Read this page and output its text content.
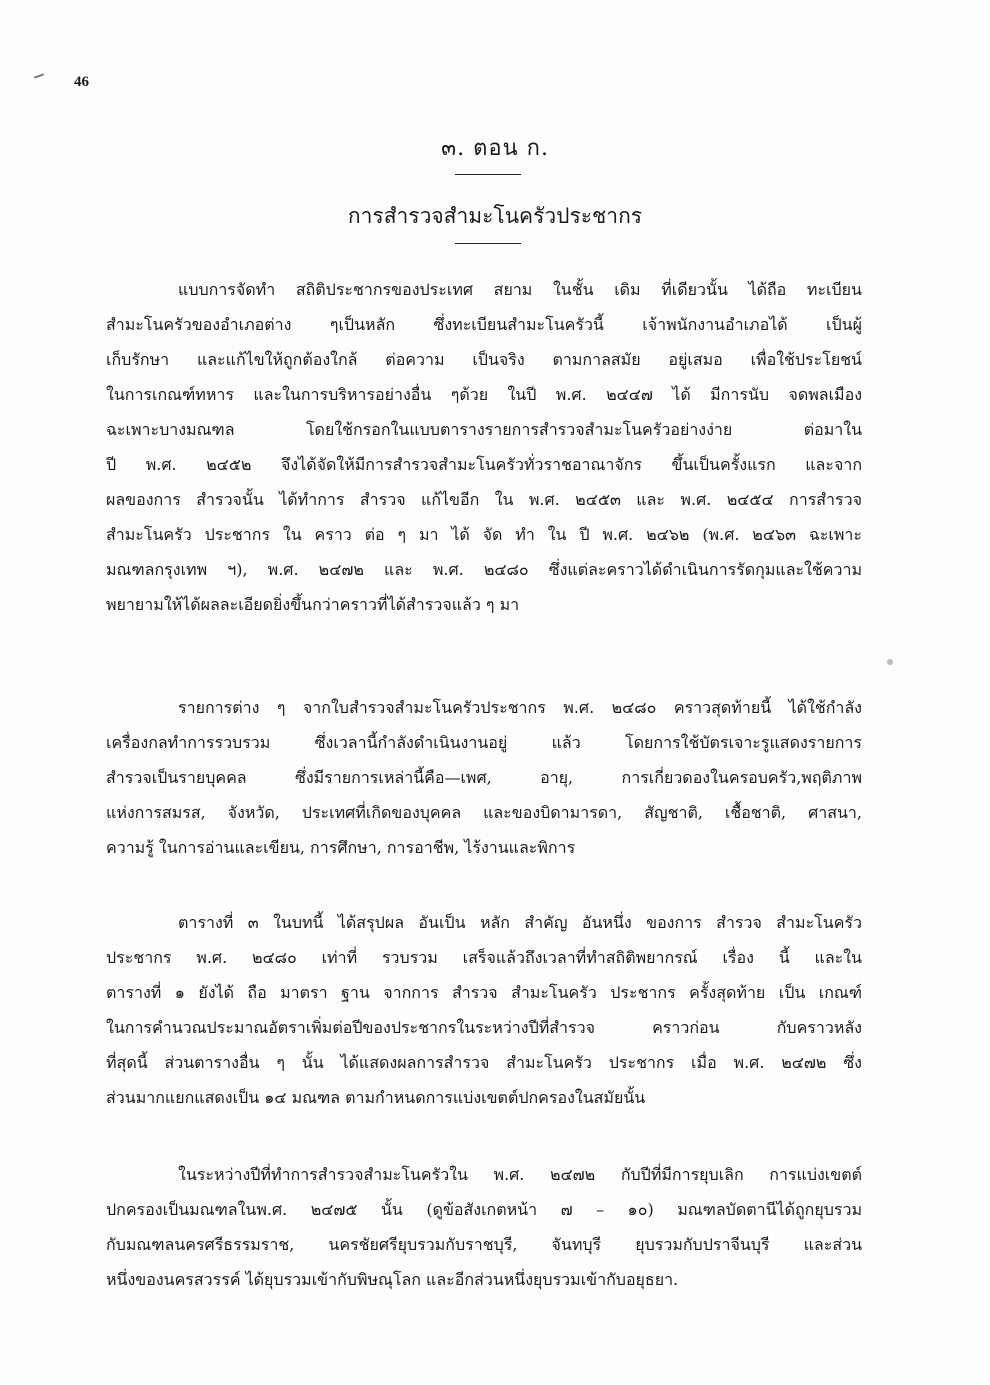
46
๓. ตอน ก.
การสำรวจสำมะโนครัวประชากร
แบบการจัดทำ สถิติประชากรของประเทศ สยาม ในชั้น เดิม ที่เดียวนั้น ได้ถือ ทะเบียน
สำมะโนครัวของอำเภอต่าง ๆเป็นหลัก ซึ่งทะเบียนสำมะโนครัวนี้ เจ้าพนักงานอำเภอได้ เป็นผู้
เก็บรักษา และแก้ไขให้ถูกต้องใกล้ ต่อความ เป็นจริง ตามกาลสมัย อยู่เสมอ เพื่อใช้ประโยชน์
ในการเกณฑ์ทหาร และในการบริหารอย่างอื่น ๆด้วย ในปี พ.ศ. ๒๔๔๗ ได้ มีการนับ จดพลเมือง
ฉะเพาะบางมณฑล โดยใช้กรอกในแบบตารางรายการสำรวจสำมะโนครัวอย่างง่าย ต่อมาใน
ปี พ.ศ. ๒๔๕๒ จึงได้จัดให้มีการสำรวจสำมะโนครัวทั่วราชอาณาจักร ขึ้นเป็นครั้งแรก และจาก
ผลของการ สำรวจนั้น ได้ทำการ สำรวจ แก้ไขอีก ใน พ.ศ. ๒๔๕๓ และ พ.ศ. ๒๔๕๔ การสำรวจ
สำมะโนครัว ประชากร ใน คราว ต่อ ๆ มา ได้ จัด ทำ ใน ปี พ.ศ. ๒๔๖๒ (พ.ศ. ๒๔๖๓ ฉะเพาะ
มณฑลกรุงเทพ ฯ), พ.ศ. ๒๔๗๒ และ พ.ศ. ๒๔๘๐ ซึ่งแต่ละคราวได้ดำเนินการรัดกุมและใช้ความ
พยายามให้ได้ผลละเอียดยิ่งขึ้นกว่าคราวที่ได้สำรวจแล้ว ๆ มา
รายการต่าง ๆ จากใบสำรวจสำมะโนครัวประชากร พ.ศ. ๒๔๘๐ คราวสุดท้ายนี้ ได้ใช้กำลัง
เครื่องกลทำการรวบรวม ซึ่งเวลานี้กำลังดำเนินงานอยู่ แล้ว โดยการใช้บัตรเจาะรูแสดงรายการ
สำรวจเป็นรายบุคคล ซึ่งมีรายการเหล่านี้คือ—เพศ, อายุ, การเกี่ยวดองในครอบครัว,พฤติภาพ
แห่งการสมรส, จังหวัด, ประเทศที่เกิดของบุคคล และของบิดามารดา, สัญชาติ, เชื้อชาติ, ศาสนา,
ความรู้ ในการอ่านและเขียน, การศึกษา, การอาชีพ, ไร้งานและพิการ
ตารางที่ ๓ ในบทนี้ ได้สรุปผล อันเป็น หลัก สำคัญ อันหนึ่ง ของการ สำรวจ สำมะโนครัว
ประชากร พ.ศ. ๒๔๘๐ เท่าที่ รวบรวม เสร็จแล้วถึงเวลาที่ทำสถิติพยากรณ์ เรื่อง นี้ และใน
ตารางที่ ๑ ยังได้ ถือ มาตรา ฐาน จากการ สำรวจ สำมะโนครัว ประชากร ครั้งสุดท้าย เป็น เกณฑ์
ในการคำนวณประมาณอัตราเพิ่มต่อปีของประชากรในระหว่างปีที่สำรวจ คราวก่อน กับคราวหลัง
ที่สุดนี้ ส่วนตารางอื่น ๆ นั้น ได้แสดงผลการสำรวจ สำมะโนครัว ประชากร เมื่อ พ.ศ. ๒๔๗๒ ซึ่ง
ส่วนมากแยกแสดงเป็น ๑๔ มณฑล ตามกำหนดการแบ่งเขตต์ปกครองในสมัยนั้น
ในระหว่างปีที่ทำการสำรวจสำมะโนครัวใน พ.ศ. ๒๔๗๒ กับปีที่มีการยุบเลิก การแบ่งเขตต์
ปกครองเป็นมณฑลในพ.ศ. ๒๔๗๕ นั้น (ดูข้อสังเกตหน้า ๗ – ๑๐) มณฑลบัดตานีได้ถูกยุบรวม
กับมณฑลนครศรีธรรมราช, นครชัยศรียุบรวมกับราชบุรี, จันทบุรี ยุบรวมกับปราจีนบุรี และส่วน
หนึ่งของนครสวรรค์ ได้ยุบรวมเข้ากับพิษณุโลก และอีกส่วนหนึ่งยุบรวมเข้ากับอยุธยา.
